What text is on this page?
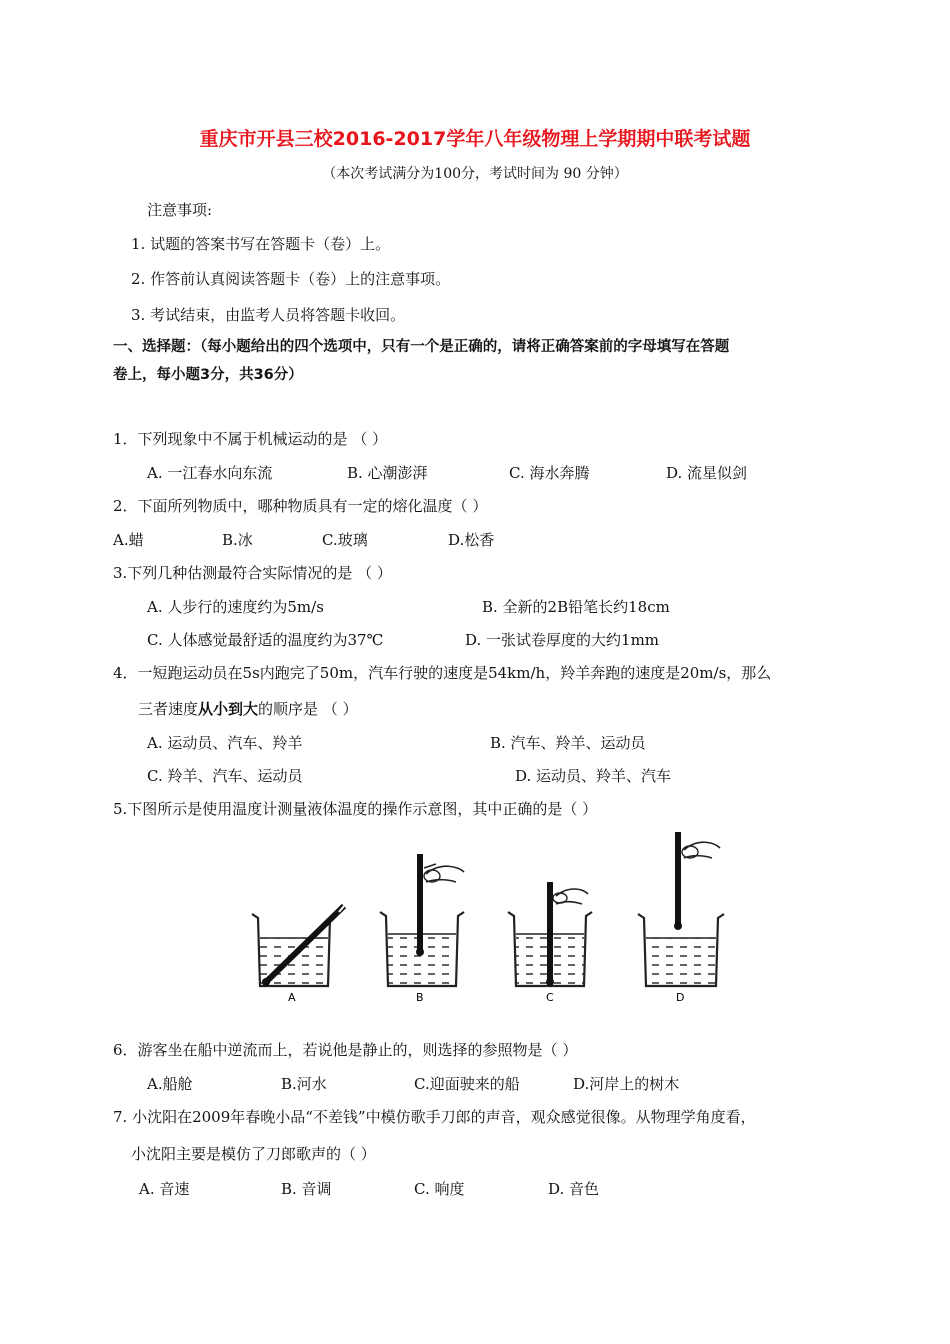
重庆市开县三校2016-2017学年八年级物理上学期期中联考试题
（本次考试满分为100分，考试时间为 90 分钟）
注意事项:
1. 试题的答案书写在答题卡（卷）上。
2. 作答前认真阅读答题卡（卷）上的注意事项。
3. 考试结束，由监考人员将答题卡收回。
一、选择题：（每小题给出的四个选项中，只有一个是正确的，请将正确答案前的字母填写在答题
卷上，每小题3分，共36分）
1．下列现象中不属于机械运动的是 （ ）
A. 一江春水向东流	B. 心潮澎湃	C. 海水奔腾	D. 流星似剑
2．下面所列物质中，哪种物质具有一定的熔化温度（ ）
A.蜡	B.冰	C.玻璃	D.松香
3.下列几种估测最符合实际情况的是 （ ）
A. 人步行的速度约为5m/s	B. 全新的2B铅笔长约18cm
C. 人体感觉最舒适的温度约为37℃	D. 一张试卷厚度的大约1mm
4．一短跑运动员在5s内跑完了50m，汽车行驶的速度是54km/h，羚羊奔跑的速度是20m/s，那么
三者速度从小到大的顺序是 （ ）
A. 运动员、汽车、羚羊	B. 汽车、羚羊、运动员
C. 羚羊、汽车、运动员	D. 运动员、羚羊、汽车
5.下图所示是使用温度计测量液体温度的操作示意图，其中正确的是（ ）
A	B	C	D
6．游客坐在船中逆流而上，若说他是静止的，则选择的参照物是（ ）
A.船舱	B.河水	C.迎面驶来的船	D.河岸上的树木
7. 小沈阳在2009年春晚小品“不差钱”中模仿歌手刀郎的声音，观众感觉很像。从物理学角度看，
小沈阳主要是模仿了刀郎歌声的（ ）
A. 音速	B. 音调	C. 响度	D. 音色
